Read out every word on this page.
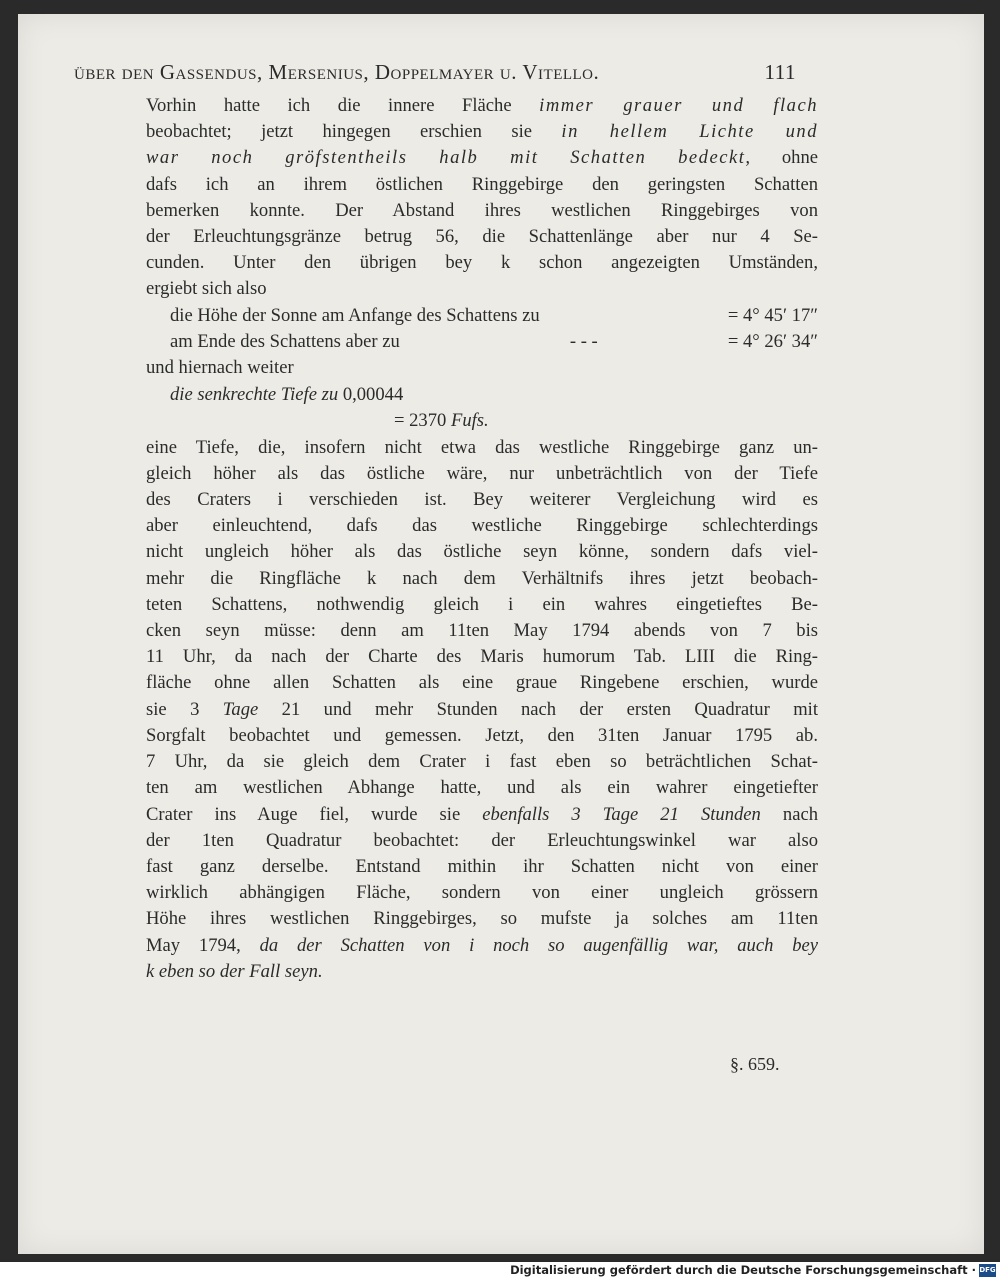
über den Gassendus, Mersenius, Doppelmayer u. Vitello.	111

Vorhin hatte ich die innere Fläche immer grauer und flach
beobachtet; jetzt hingegen erschien sie in hellem Lichte und
war noch gröfstentheils halb mit Schatten bedeckt, ohne
dafs ich an ihrem östlichen Ringgebirge den geringsten Schatten
bemerken konnte. Der Abstand ihres westlichen Ringgebirges von
der Erleuchtungsgränze betrug 56, die Schattenlänge aber nur 4 Se-
cunden. Unter den übrigen bey k schon angezeigten Umständen,
ergiebt sich also

die Höhe der Sonne am Anfange des Schattens zu	= 4° 45′ 17″
am Ende des Schattens aber zu	- - -	= 4° 26′ 34″
und hiernach weiter
die senkrechte Tiefe zu 0,00044
= 2370 Fufs.

eine Tiefe, die, insofern nicht etwa das westliche Ringgebirge ganz un-
gleich höher als das östliche wäre, nur unbeträchtlich von der Tiefe
des Craters i verschieden ist. Bey weiterer Vergleichung wird es
aber einleuchtend, dafs das westliche Ringgebirge schlechterdings
nicht ungleich höher als das östliche seyn könne, sondern dafs viel-
mehr die Ringfläche k nach dem Verhältnifs ihres jetzt beobach-
teten Schattens, nothwendig gleich i ein wahres eingetieftes Be-
cken seyn müsse: denn am 11ten May 1794 abends von 7 bis
11 Uhr, da nach der Charte des Maris humorum Tab. LIII die Ring-
fläche ohne allen Schatten als eine graue Ringebene erschien, wurde
sie 3 Tage 21 und mehr Stunden nach der ersten Quadratur mit
Sorgfalt beobachtet und gemessen. Jetzt, den 31ten Januar 1795 ab.
7 Uhr, da sie gleich dem Crater i fast eben so beträchtlichen Schat-
ten am westlichen Abhange hatte, und als ein wahrer eingetiefter
Crater ins Auge fiel, wurde sie ebenfalls 3 Tage 21 Stunden nach
der 1ten Quadratur beobachtet: der Erleuchtungswinkel war also
fast ganz derselbe. Entstand mithin ihr Schatten nicht von einer
wirklich abhängigen Fläche, sondern von einer ungleich grössern
Höhe ihres westlichen Ringgebirges, so mufste ja solches am 11ten
May 1794, da der Schatten von i noch so augenfällig war, auch bey
k eben so der Fall seyn.

§. 659.
Digitalisierung gefördert durch die Deutsche Forschungsgemeinschaft · DFG
